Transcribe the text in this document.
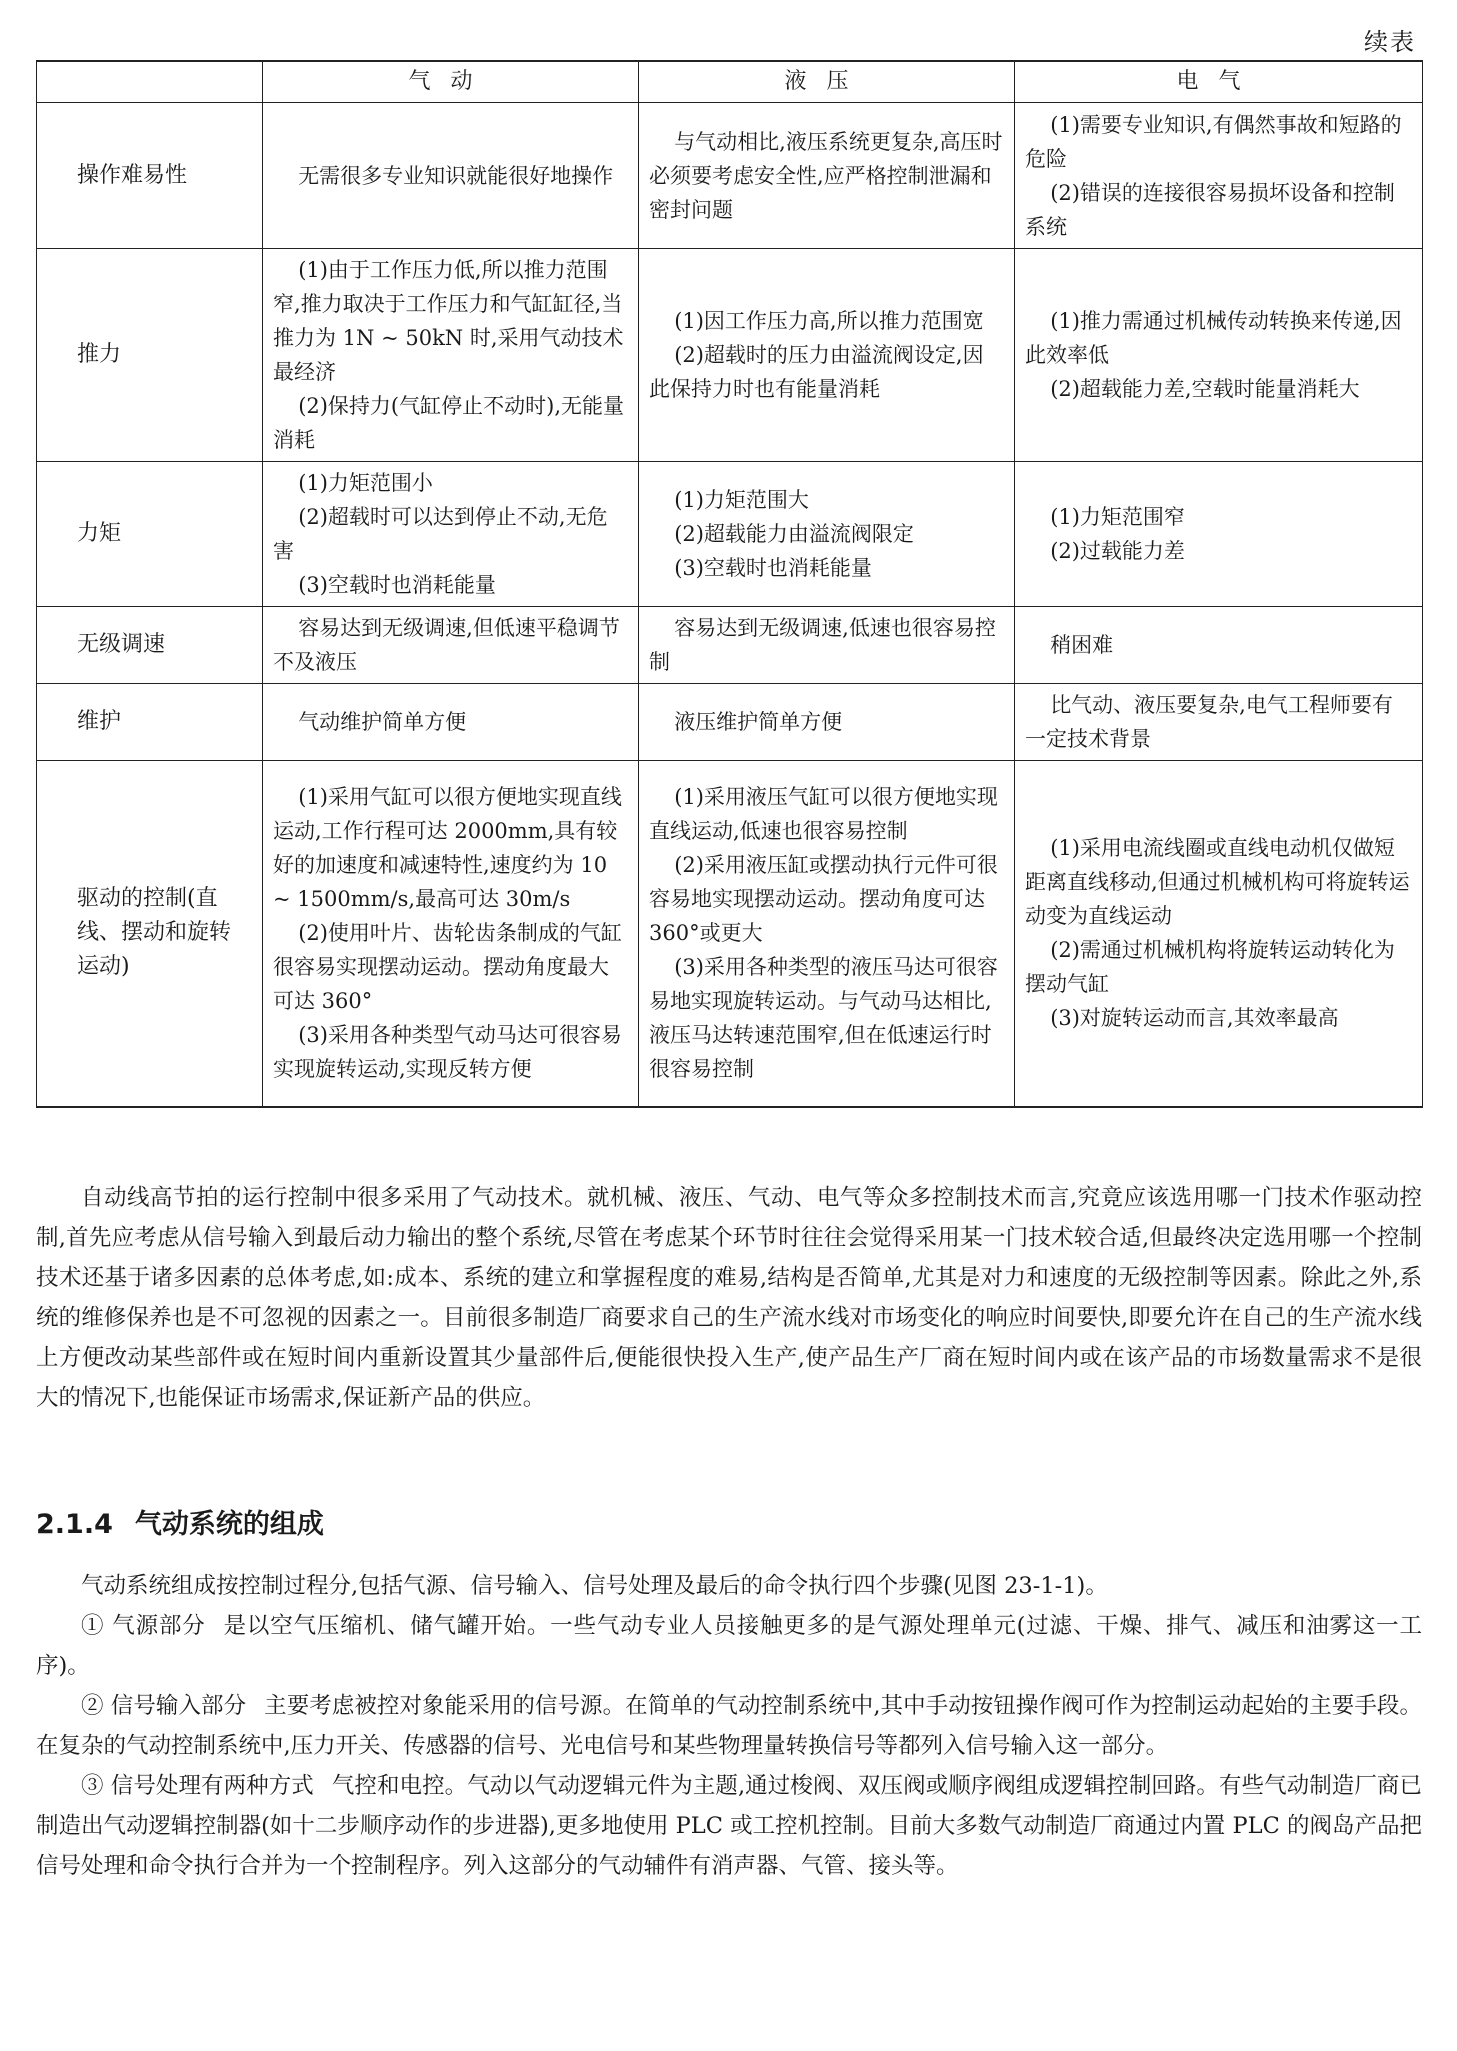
续表
	气动	液压	电气
操作难易性	无需很多专业知识就能很好地操作	与气动相比,液压系统更复杂,高压时必须要考虑安全性,应严格控制泄漏和密封问题	(1)需要专业知识,有偶然事故和短路的危险
(2)错误的连接很容易损坏设备和控制系统

推力	(1)由于工作压力低,所以推力范围窄,推力取决于工作压力和气缸缸径,当推力为 1N ~ 50kN 时,采用气动技术最经济
(2)保持力(气缸停止不动时),无能量消耗	(1)因工作压力高,所以推力范围宽
(2)超载时的压力由溢流阀设定,因此保持力时也有能量消耗	(1)推力需通过机械传动转换来传递,因此效率低
(2)超载能力差,空载时能量消耗大

力矩	(1)力矩范围小
(2)超载时可以达到停止不动,无危害
(3)空载时也消耗能量	(1)力矩范围大
(2)超载能力由溢流阀限定
(3)空载时也消耗能量	(1)力矩范围窄
(2)过载能力差

无级调速	容易达到无级调速,但低速平稳调节不及液压	容易达到无级调速,低速也很容易控制	稍困难

维护	气动维护简单方便	液压维护简单方便	比气动、液压要复杂,电气工程师要有一定技术背景

驱动的控制(直线、摆动和旋转运动)	(1)采用气缸可以很方便地实现直线运动,工作行程可达 2000mm,具有较好的加速度和减速特性,速度约为 10 ~ 1500mm/s,最高可达 30m/s
(2)使用叶片、齿轮齿条制成的气缸很容易实现摆动运动。摆动角度最大可达 360°
(3)采用各种类型气动马达可很容易实现旋转运动,实现反转方便	(1)采用液压气缸可以很方便地实现直线运动,低速也很容易控制
(2)采用液压缸或摆动执行元件可很容易地实现摆动运动。摆动角度可达 360°或更大
(3)采用各种类型的液压马达可很容易地实现旋转运动。与气动马达相比,液压马达转速范围窄,但在低速运行时很容易控制	(1)采用电流线圈或直线电动机仅做短距离直线移动,但通过机械机构可将旋转运动变为直线运动
(2)需通过机械机构将旋转运动转化为摆动气缸
(3)对旋转运动而言,其效率最高

自动线高节拍的运行控制中很多采用了气动技术。就机械、液压、气动、电气等众多控制技术而言,究竟应该选用哪一门技术作驱动控制,首先应考虑从信号输入到最后动力输出的整个系统,尽管在考虑某个环节时往往会觉得采用某一门技术较合适,但最终决定选用哪一个控制技术还基于诸多因素的总体考虑,如:成本、系统的建立和掌握程度的难易,结构是否简单,尤其是对力和速度的无级控制等因素。除此之外,系统的维修保养也是不可忽视的因素之一。目前很多制造厂商要求自己的生产流水线对市场变化的响应时间要快,即要允许在自己的生产流水线上方便改动某些部件或在短时间内重新设置其少量部件后,便能很快投入生产,使产品生产厂商在短时间内或在该产品的市场数量需求不是很大的情况下,也能保证市场需求,保证新产品的供应。

2.1.4 气动系统的组成

气动系统组成按控制过程分,包括气源、信号输入、信号处理及最后的命令执行四个步骤(见图 23-1-1)。

① 气源部分 是以空气压缩机、储气罐开始。一些气动专业人员接触更多的是气源处理单元(过滤、干燥、排气、减压和油雾这一工序)。

② 信号输入部分 主要考虑被控对象能采用的信号源。在简单的气动控制系统中,其中手动按钮操作阀可作为控制运动起始的主要手段。在复杂的气动控制系统中,压力开关、传感器的信号、光电信号和某些物理量转换信号等都列入信号输入这一部分。

③ 信号处理有两种方式 气控和电控。气动以气动逻辑元件为主题,通过梭阀、双压阀或顺序阀组成逻辑控制回路。有些气动制造厂商已制造出气动逻辑控制器(如十二步顺序动作的步进器),更多地使用 PLC 或工控机控制。目前大多数气动制造厂商通过内置 PLC 的阀岛产品把信号处理和命令执行合并为一个控制程序。列入这部分的气动辅件有消声器、气管、接头等。
